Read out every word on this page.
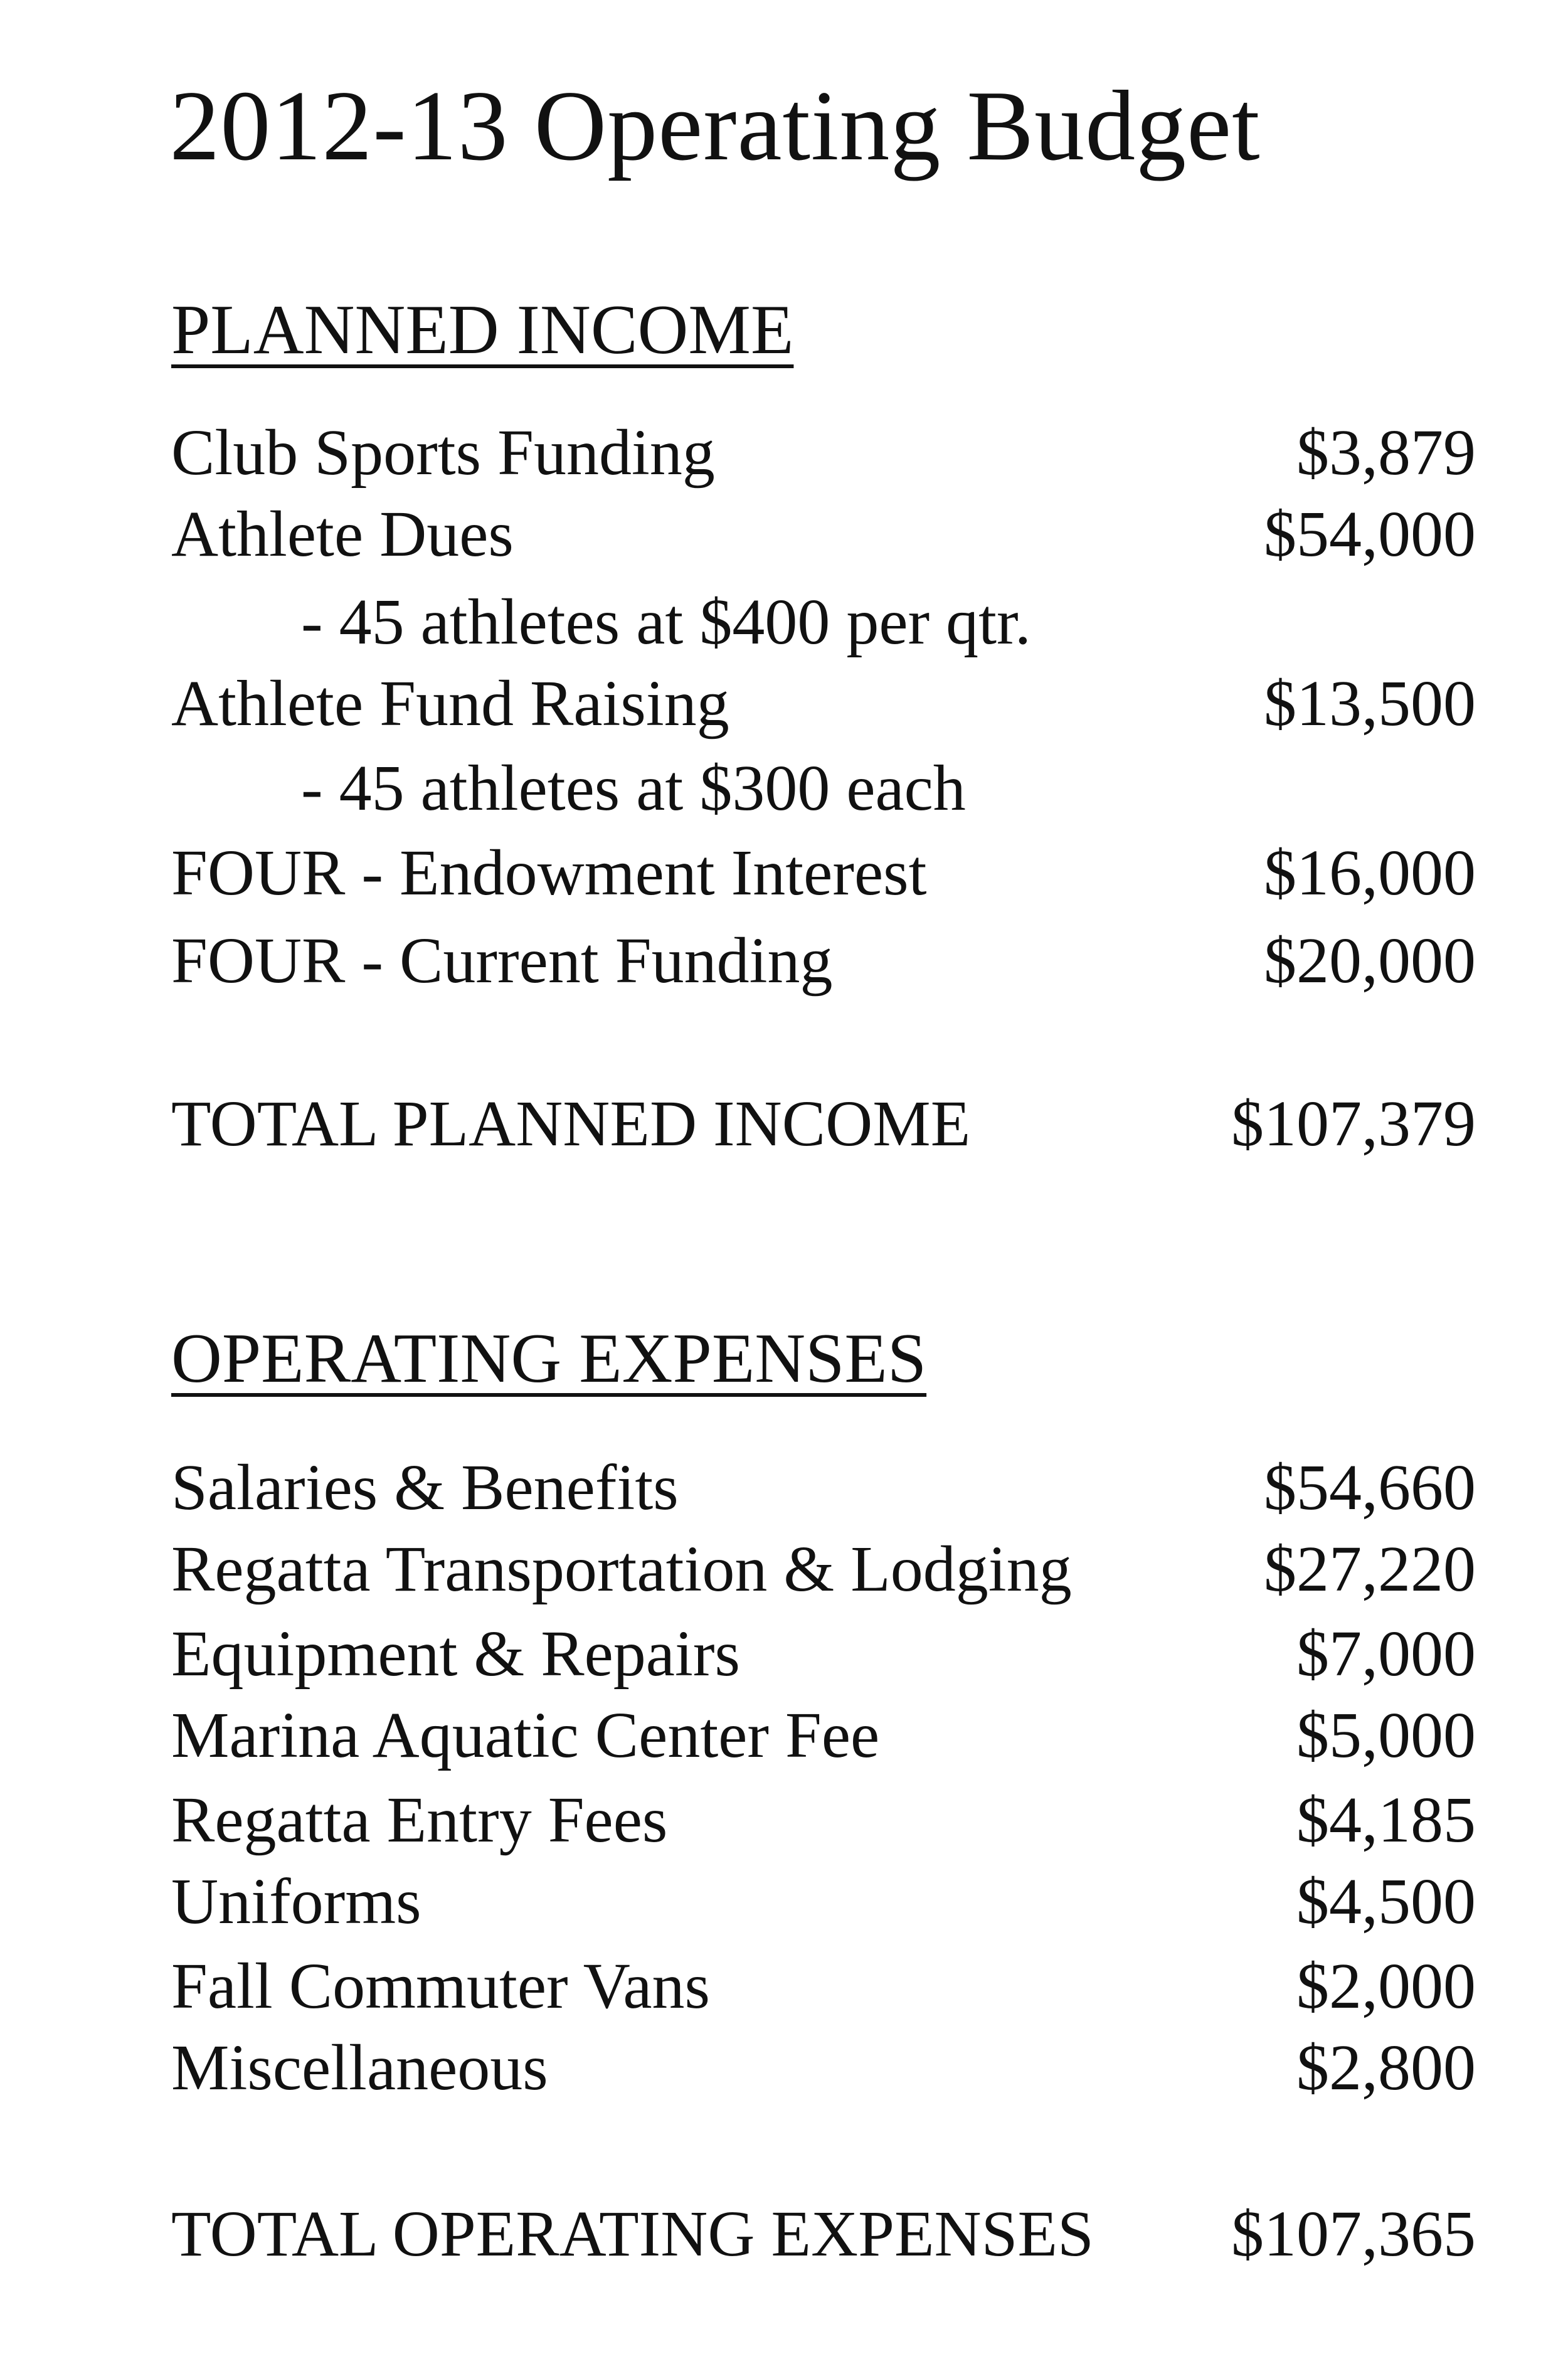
2012-13 Operating Budget
PLANNED INCOME
Club Sports Funding	$3,879
Athlete Dues	$54,000
- 45 athletes at $400 per qtr.
Athlete Fund Raising	$13,500
- 45 athletes at $300 each
FOUR - Endowment Interest	$16,000
FOUR - Current Funding	$20,000
TOTAL PLANNED INCOME	$107,379
OPERATING EXPENSES
Salaries & Benefits	$54,660
Regatta Transportation & Lodging	$27,220
Equipment & Repairs	$7,000
Marina Aquatic Center Fee	$5,000
Regatta Entry Fees	$4,185
Uniforms	$4,500
Fall Commuter Vans	$2,000
Miscellaneous	$2,800
TOTAL OPERATING EXPENSES $107,365
